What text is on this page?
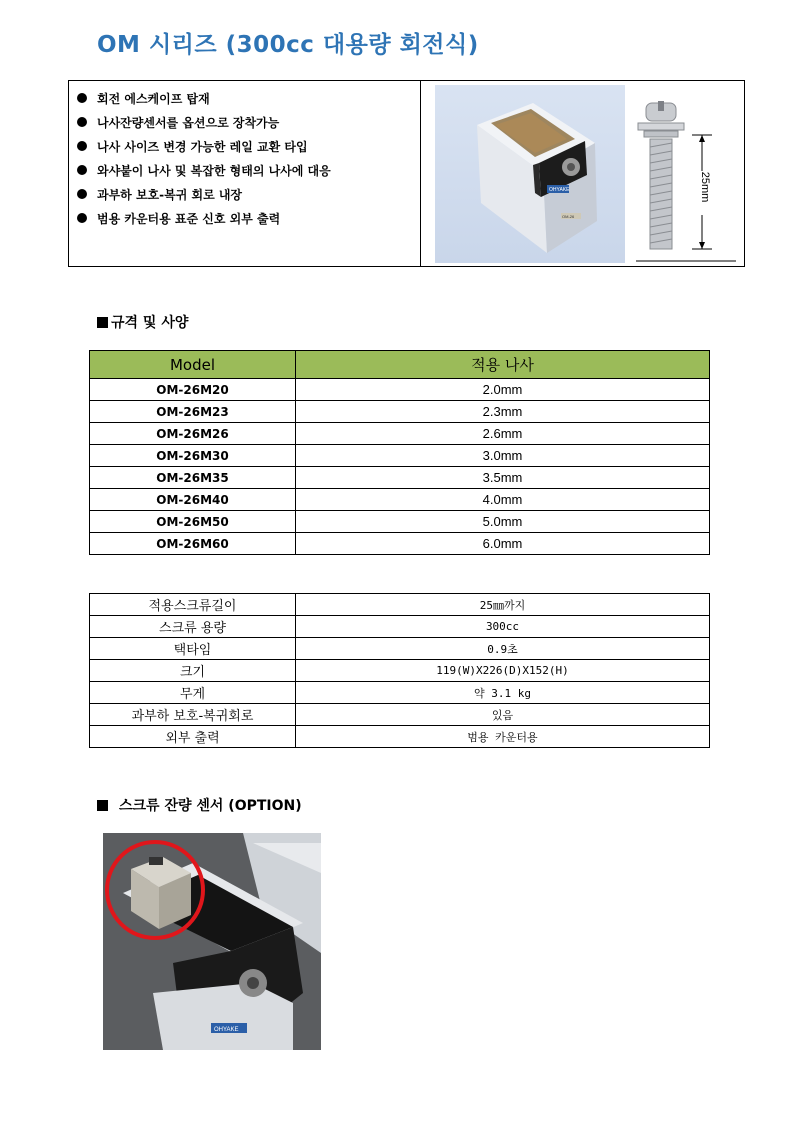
OM 시리즈 (300cc 대용량 회전식)
회전 에스케이프 탑재
나사잔량센서를 옵션으로 장착가능
나사 사이즈 변경 가능한 레일 교환 타입
와샤붙이 나사 및 복잡한 형태의 나사에 대응
과부하 보호-복귀 회로 내장
범용 카운터용 표준 신호 외부 출력
OHYAKE
OM-26
25mm
규격 및 사양
Model	적용 나사
OM-26M20	2.0mm
OM-26M23	2.3mm
OM-26M26	2.6mm
OM-26M30	3.0mm
OM-26M35	3.5mm
OM-26M40	4.0mm
OM-26M50	5.0mm
OM-26M60	6.0mm
적용스크류길이	25㎜까지
스크류 용량	300cc
택타임	0.9초
크기	119(W)X226(D)X152(H)
무게	약 3.1 kg
과부하 보호-복귀회로	있음
외부 출력	범용 카운터용
스크류 잔량 센서 (OPTION)
OHYAKE
